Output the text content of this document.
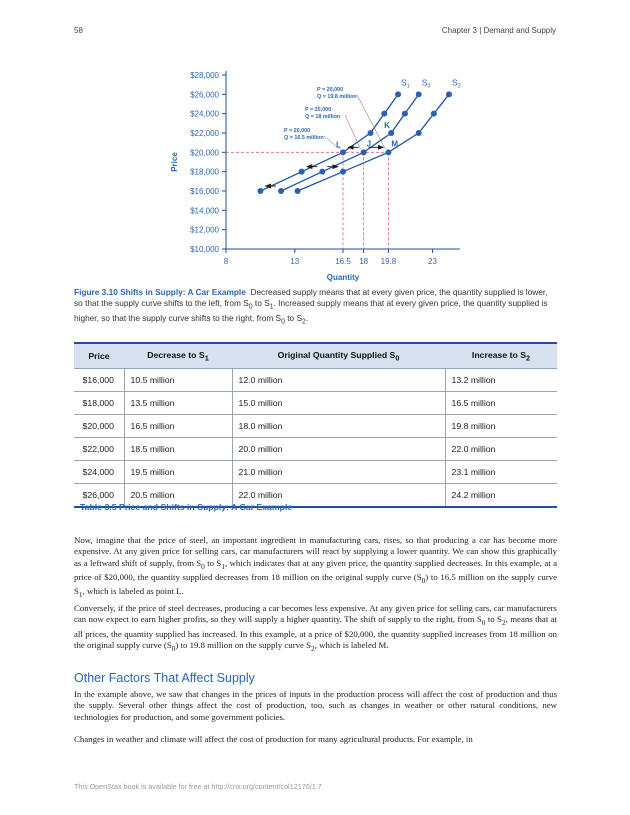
58	Chapter 3 | Demand and Supply
$10,000
$12,000
$14,000
$16,000
$18,000
$20,000
$22,000
$24,000
$26,000
$28,000
8	13	16.5 18 19.8	23
Quantity
Price
$S_1$ $S_0$	$S_2$
L	J	M
K
P = 20,000
Q = 19.8 million
P = 20,000
Q = 18 million
P = 20,000
Q = 16.5 million
Figure 3.10 Shifts in Supply: A Car Example Decreased supply means that at every given price, the quantity supplied is lower, so that the supply curve shifts to the left, from $S_0$ to $S_1$. Increased supply means that at every given price, the quantity supplied is higher, so that the supply curve shifts to the right, from $S_0$ to $S_2$.
Price	Decrease to $S_1$	Original Quantity Supplied $S_0$	Increase to $S_2$
$16,000	10.5 million	12.0 million	13.2 million
$18,000	13.5 million	15.0 million	16.5 million
$20,000	16.5 million	18.0 million	19.8 million
$22,000	18.5 million	20.0 million	22.0 million
$24,000	19.5 million	21.0 million	23.1 million
$26,000	20.5 million	22.0 million	24.2 million
Table 3.5 Price and Shifts in Supply: A Car Example

Now, imagine that the price of steel, an important ingredient in manufacturing cars, rises, so that producing a car has become more expensive. At any given price for selling cars, car manufacturers will react by supplying a lower quantity. We can show this graphically as a leftward shift of supply, from $S_0$ to $S_1$, which indicates that at any given price, the quantity supplied decreases. In this example, at a price of $20,000, the quantity supplied decreases from 18 million on the original supply curve $(S_0)$ to 16.5 million on the supply curve $S_1$, which is labeled as point L.

Conversely, if the price of steel decreases, producing a car becomes less expensive. At any given price for selling cars, car manufacturers can now expect to earn higher profits, so they will supply a higher quantity. The shift of supply to the right, from $S_0$ to $S_2$, means that at all prices, the quantity supplied has increased. In this example, at a price of $20,000, the quantity supplied increases from 18 million on the original supply curve $(S_0)$ to 19.8 million on the supply curve $S_2$, which is labeled M.

Other Factors That Affect Supply

In the example above, we saw that changes in the prices of inputs in the production process will affect the cost of production and thus the supply. Several other things affect the cost of production, too, such as changes in weather or other natural conditions, new technologies for production, and some government policies.

Changes in weather and climate will affect the cost of production for many agricultural products. For example, in

This OpenStax book is available for free at http://cnx.org/content/col12170/1.7
